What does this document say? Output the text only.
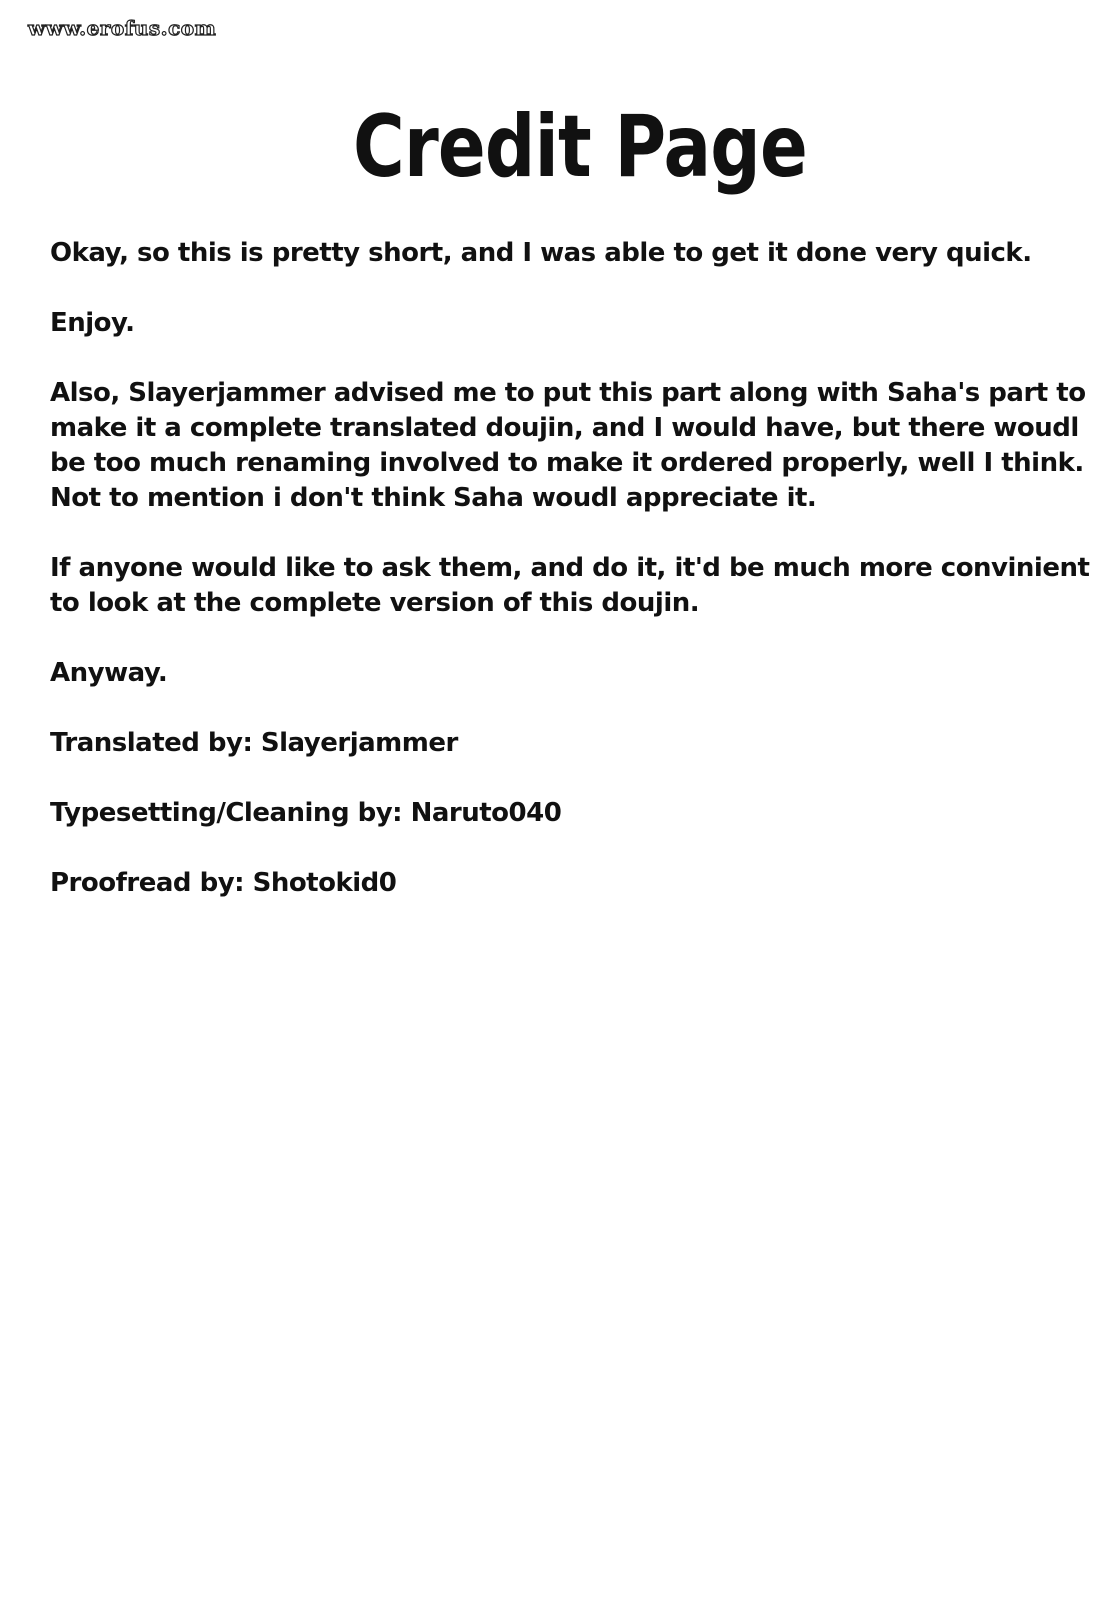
www.erofus.com
Credit Page

Okay, so this is pretty short, and I was able to get it done very quick.

Enjoy.

Also, Slayerjammer advised me to put this part along with Saha's part to make it a complete translated doujin, and I would have, but there woudl be too much renaming involved to make it ordered properly, well I think. Not to mention i don't think Saha woudl appreciate it.

If anyone would like to ask them, and do it, it'd be much more convinient to look at the complete version of this doujin.

Anyway.

Translated by: Slayerjammer

Typesetting/Cleaning by: Naruto040

Proofread by: Shotokid0
